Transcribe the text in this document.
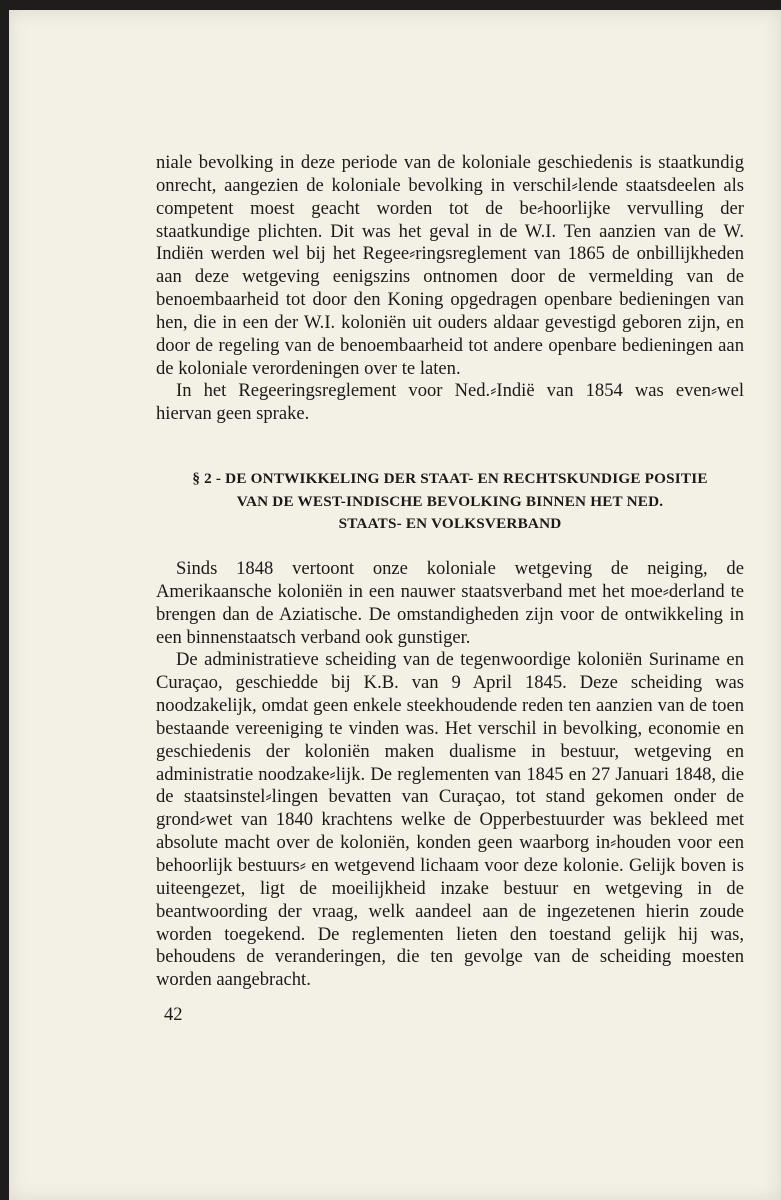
niale bevolking in deze periode van de koloniale geschiedenis is staatkundig onrecht, aangezien de koloniale bevolking in verschil⸗lende staatsdeelen als competent moest geacht worden tot de be⸗hoorlijke vervulling der staatkundige plichten. Dit was het geval in de W.I. Ten aanzien van de W. Indiën werden wel bij het Regee⸗ringsreglement van 1865 de onbillijkheden aan deze wetgeving eenigszins ontnomen door de vermelding van de benoembaarheid tot door den Koning opgedragen openbare bedieningen van hen, die in een der W.I. koloniën uit ouders aldaar gevestigd geboren zijn, en door de regeling van de benoembaarheid tot andere openbare bedieningen aan de koloniale verordeningen over te laten.

In het Regeeringsreglement voor Ned.⸗Indië van 1854 was even⸗wel hiervan geen sprake.

§ 2 - DE ONTWIKKELING DER STAAT- EN RECHTSKUNDIGE POSITIE
VAN DE WEST-INDISCHE BEVOLKING BINNEN HET NED.
STAATS- EN VOLKSVERBAND

Sinds 1848 vertoont onze koloniale wetgeving de neiging, de Amerikaansche koloniën in een nauwer staatsverband met het moe⸗derland te brengen dan de Aziatische. De omstandigheden zijn voor de ontwikkeling in een binnenstaatsch verband ook gunstiger.

De administratieve scheiding van de tegenwoordige koloniën Suriname en Curaçao, geschiedde bij K.B. van 9 April 1845. Deze scheiding was noodzakelijk, omdat geen enkele steekhoudende reden ten aanzien van de toen bestaande vereeniging te vinden was. Het verschil in bevolking, economie en geschiedenis der koloniën maken dualisme in bestuur, wetgeving en administratie noodzake⸗lijk. De reglementen van 1845 en 27 Januari 1848, die de staatsinstel⸗lingen bevatten van Curaçao, tot stand gekomen onder de grond⸗wet van 1840 krachtens welke de Opperbestuurder was bekleed met absolute macht over de koloniën, konden geen waarborg in⸗houden voor een behoorlijk bestuurs⸗ en wetgevend lichaam voor deze kolonie. Gelijk boven is uiteengezet, ligt de moeilijkheid inzake bestuur en wetgeving in de beantwoording der vraag, welk aandeel aan de ingezetenen hierin zoude worden toegekend. De reglementen lieten den toestand gelijk hij was, behoudens de veranderingen, die ten gevolge van de scheiding moesten worden aangebracht.

42
